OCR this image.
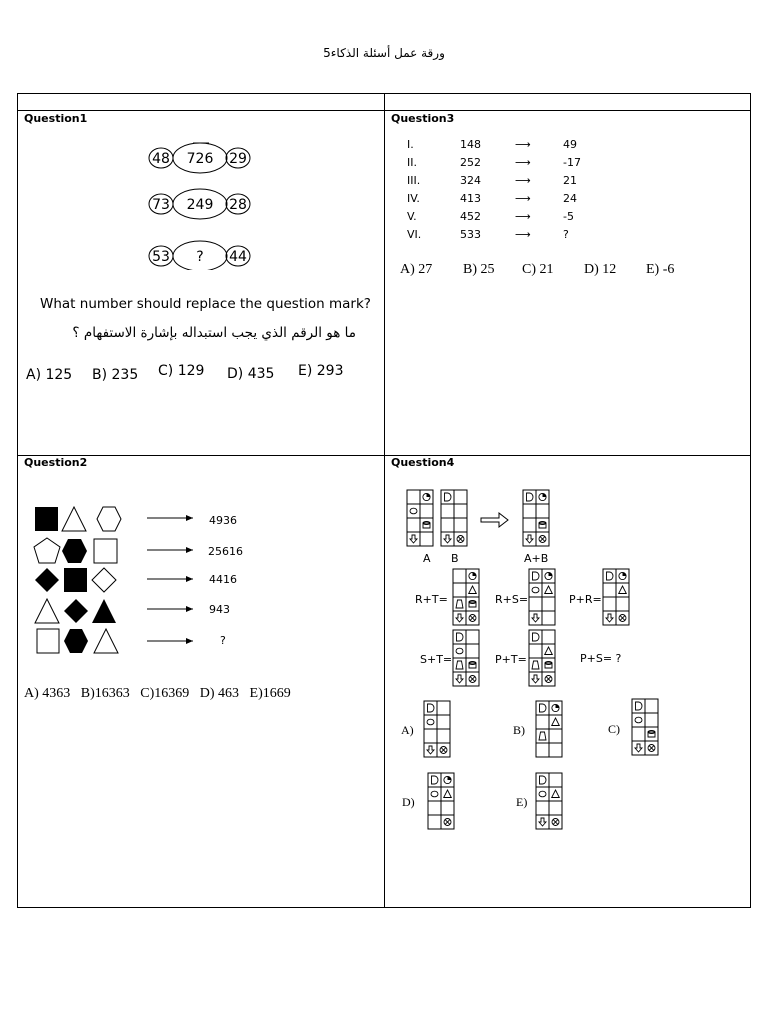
ورقة عمل أسئلة الذكاء5
Question1
48 726 29
73 249 28
53 ? 44
What number should replace the question mark?
ما هو الرقم الذي يجب استبداله بإشارة الاستفهام ؟
A) 125 B) 235 C) 129 D) 435 E) 293
Question3
I.	148	⟶	49
II.	252	⟶	-17
III.	324	⟶	21
IV.	413	⟶	24
V.	452	⟶	-5
VI.	533	⟶	?
A) 27 B) 25 C) 21 D) 12 E) -6
Question2
4936
25616
4416
943
?
A) 4363   B)16363   C)16369   D) 463   E)1669
Question4
A B	A+B
R+T=	R+S=	P+R=
S+T=	P+T=	P+S= ?
A)	B)	C)
D)	E)
